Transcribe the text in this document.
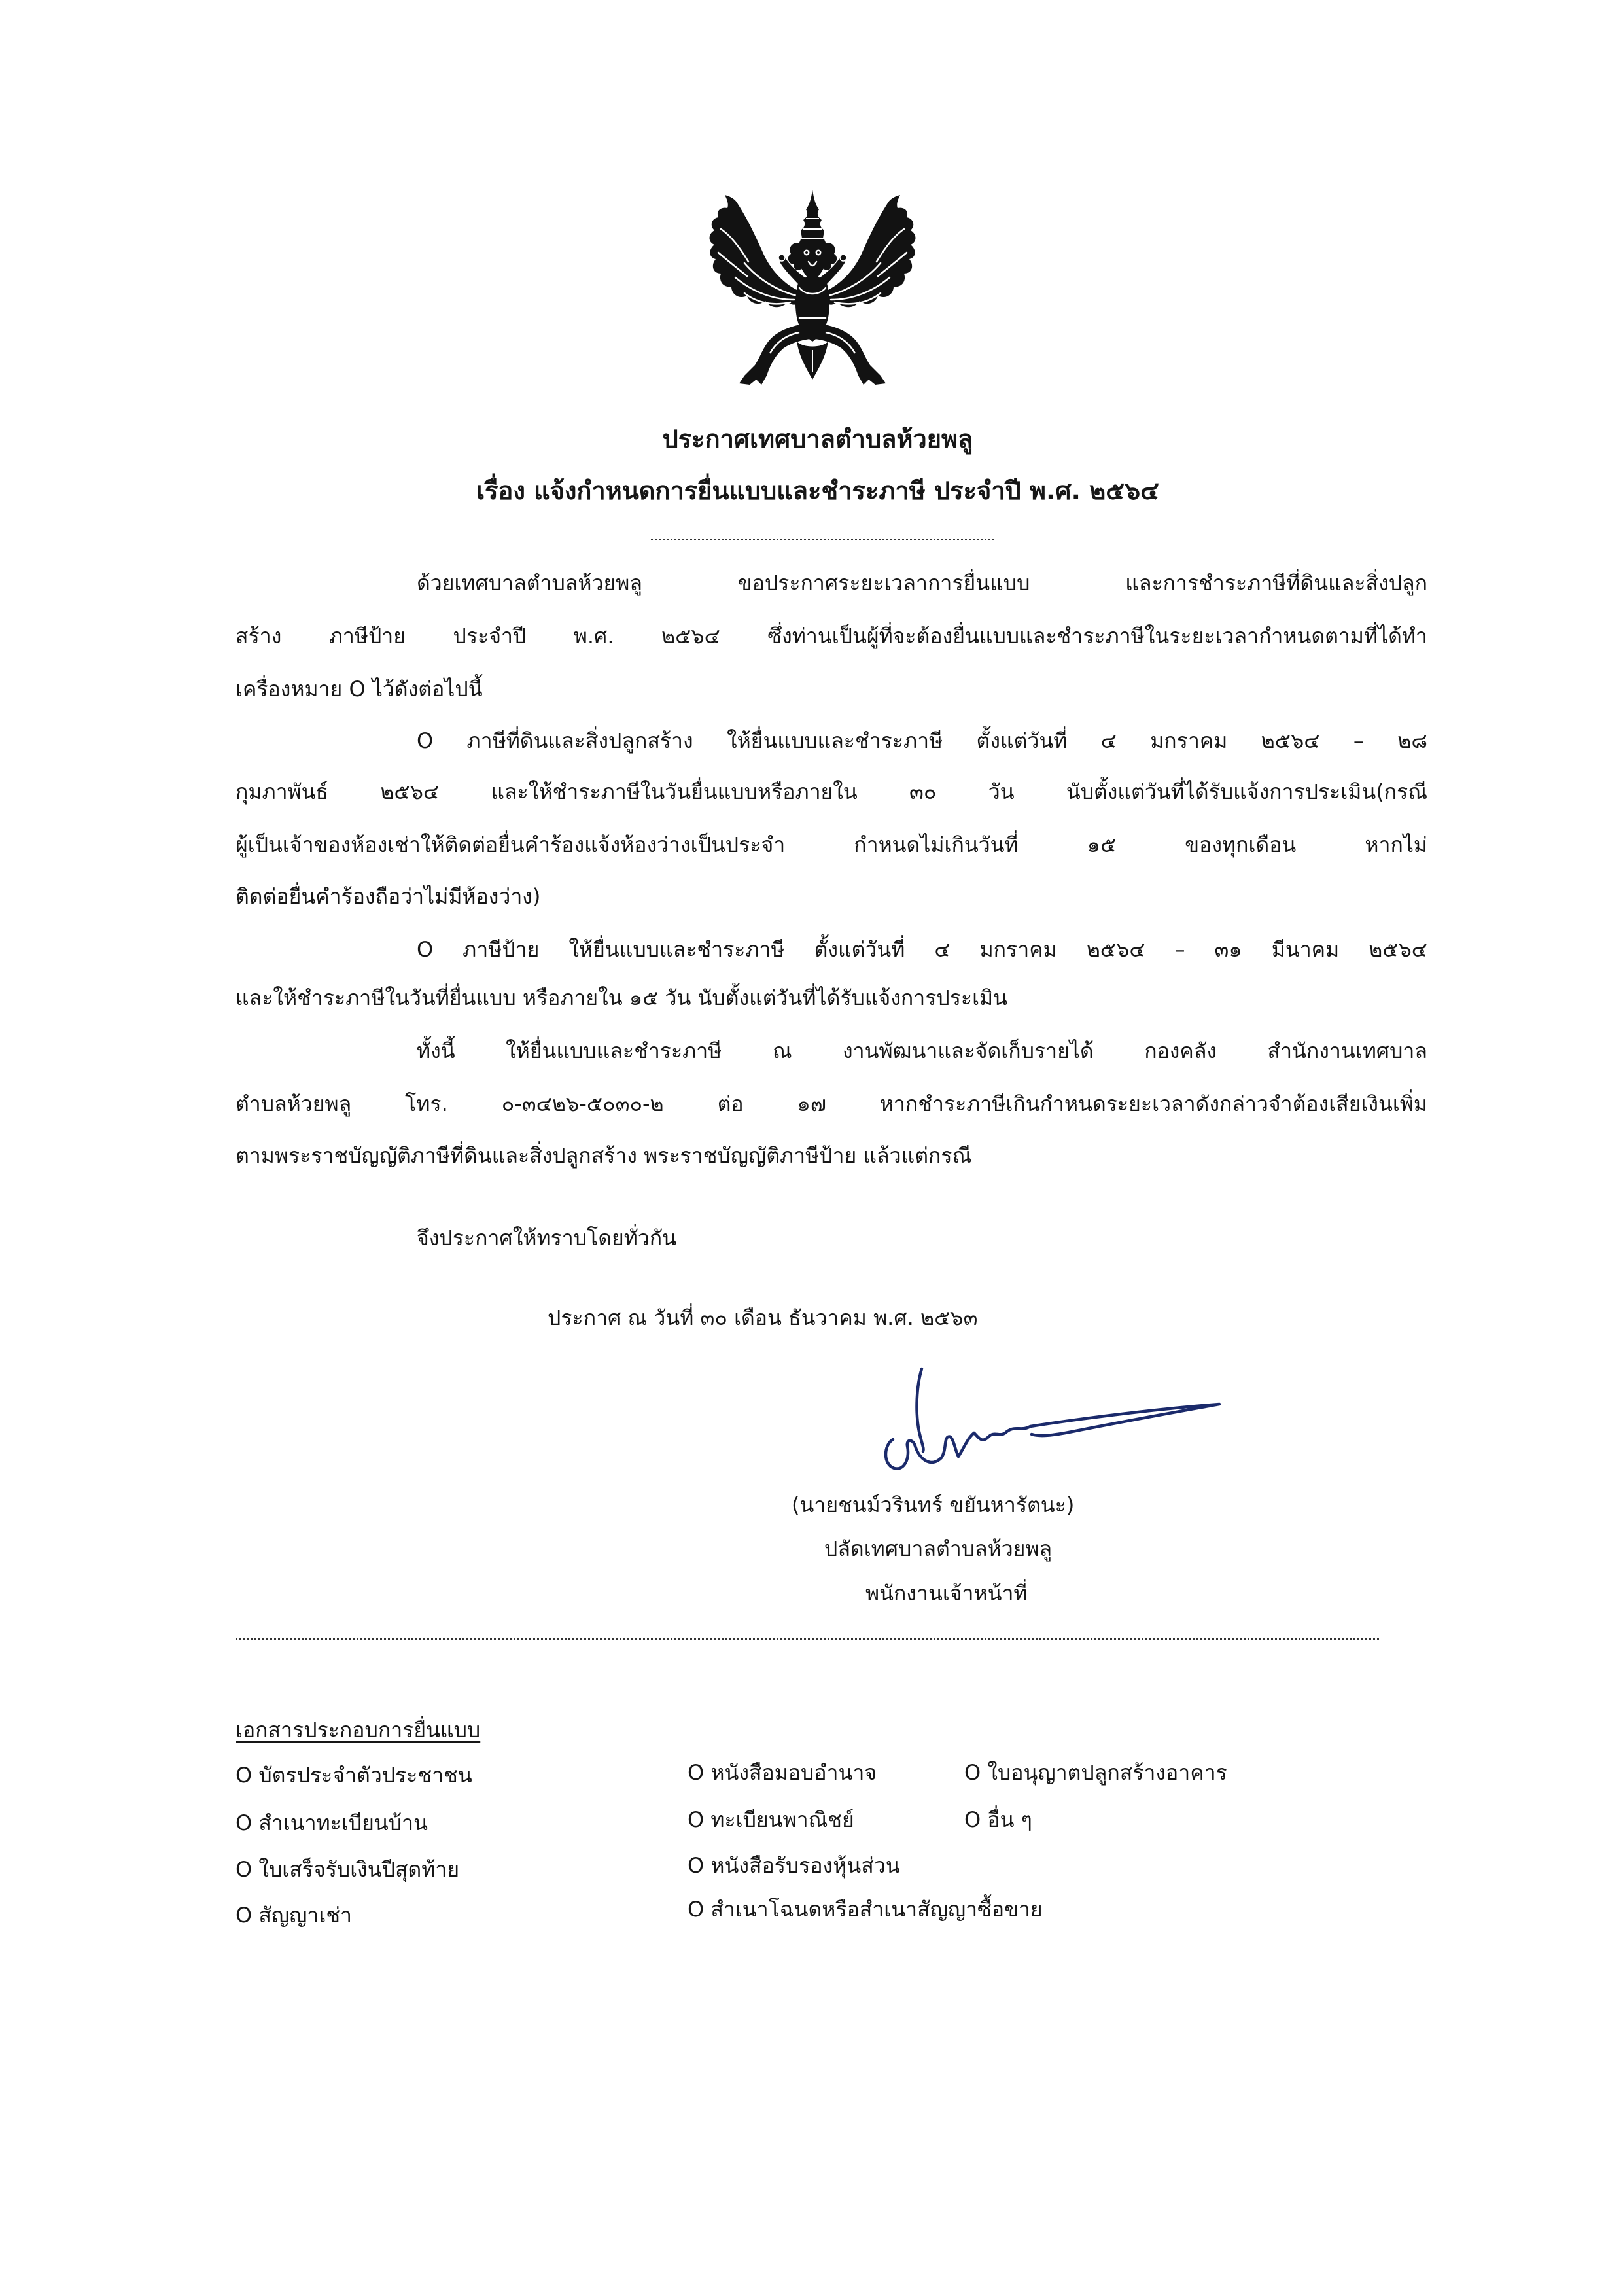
ประกาศเทศบาลตำบลห้วยพลู
เรื่อง แจ้งกำหนดการยื่นแบบและชำระภาษี ประจำปี พ.ศ. ๒๕๖๔
ด้วยเทศบาลตำบลห้วยพลู ขอประกาศระยะเวลาการยื่นแบบ และการชำระภาษีที่ดินและสิ่งปลูก
สร้าง ภาษีป้าย ประจำปี พ.ศ. ๒๕๖๔ ซึ่งท่านเป็นผู้ที่จะต้องยื่นแบบและชำระภาษีในระยะเวลากำหนดตามที่ได้ทำ
เครื่องหมาย O ไว้ดังต่อไปนี้
O ภาษีที่ดินและสิ่งปลูกสร้าง ให้ยื่นแบบและชำระภาษี ตั้งแต่วันที่ ๔ มกราคม ๒๕๖๔ – ๒๘
กุมภาพันธ์ ๒๕๖๔ และให้ชำระภาษีในวันยื่นแบบหรือภายใน ๓๐ วัน นับตั้งแต่วันที่ได้รับแจ้งการประเมิน(กรณี
ผู้เป็นเจ้าของห้องเช่าให้ติดต่อยื่นคำร้องแจ้งห้องว่างเป็นประจำ กำหนดไม่เกินวันที่ ๑๕ ของทุกเดือน หากไม่
ติดต่อยื่นคำร้องถือว่าไม่มีห้องว่าง)
O ภาษีป้าย ให้ยื่นแบบและชำระภาษี ตั้งแต่วันที่ ๔ มกราคม ๒๕๖๔ – ๓๑ มีนาคม ๒๕๖๔
และให้ชำระภาษีในวันที่ยื่นแบบ หรือภายใน ๑๕ วัน นับตั้งแต่วันที่ได้รับแจ้งการประเมิน
ทั้งนี้ ให้ยื่นแบบและชำระภาษี ณ งานพัฒนาและจัดเก็บรายได้ กองคลัง สำนักงานเทศบาล
ตำบลห้วยพลู โทร. ๐-๓๔๒๖-๕๐๓๐-๒ ต่อ ๑๗ หากชำระภาษีเกินกำหนดระยะเวลาดังกล่าวจำต้องเสียเงินเพิ่ม
ตามพระราชบัญญัติภาษีที่ดินและสิ่งปลูกสร้าง พระราชบัญญัติภาษีป้าย แล้วแต่กรณี
จึงประกาศให้ทราบโดยทั่วกัน
ประกาศ ณ วันที่ ๓๐ เดือน ธันวาคม พ.ศ. ๒๕๖๓
(นายชนม์วรินทร์ ขยันหารัตนะ)
ปลัดเทศบาลตำบลห้วยพลู
พนักงานเจ้าหน้าที่
เอกสารประกอบการยื่นแบบ
O บัตรประจำตัวประชาชน
O สำเนาทะเบียนบ้าน
O ใบเสร็จรับเงินปีสุดท้าย
O สัญญาเช่า
O หนังสือมอบอำนาจ
O ทะเบียนพาณิชย์
O หนังสือรับรองหุ้นส่วน
O สำเนาโฉนดหรือสำเนาสัญญาซื้อขาย
O ใบอนุญาตปลูกสร้างอาคาร
O อื่น ๆ
